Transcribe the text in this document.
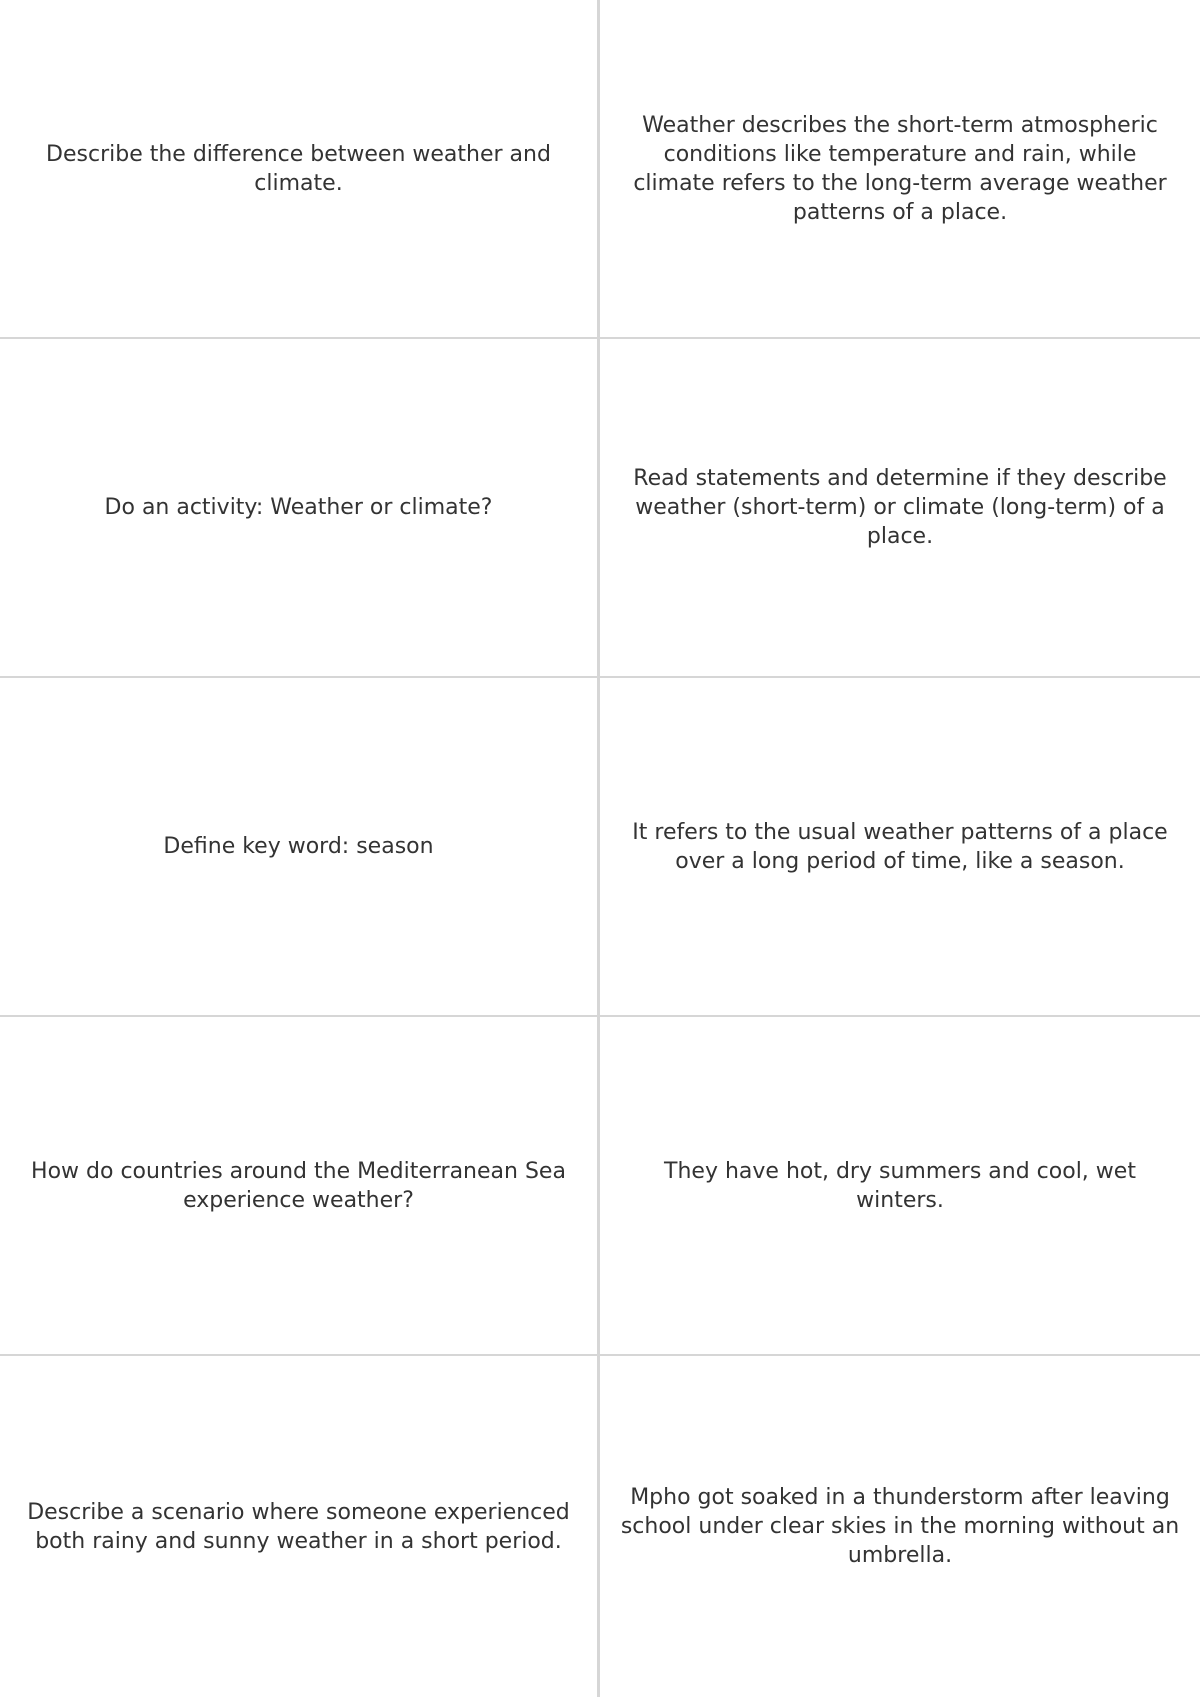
Describe the difference between weather and climate.
Weather describes the short-term atmospheric conditions like temperature and rain, while climate refers to the long-term average weather patterns of a place.
Do an activity: Weather or climate?
Read statements and determine if they describe weather (short-term) or climate (long-term) of a place.
Define key word: season
It refers to the usual weather patterns of a place over a long period of time, like a season.
How do countries around the Mediterranean Sea experience weather?
They have hot, dry summers and cool, wet winters.
Describe a scenario where someone experienced both rainy and sunny weather in a short period.
Mpho got soaked in a thunderstorm after leaving school under clear skies in the morning without an umbrella.
